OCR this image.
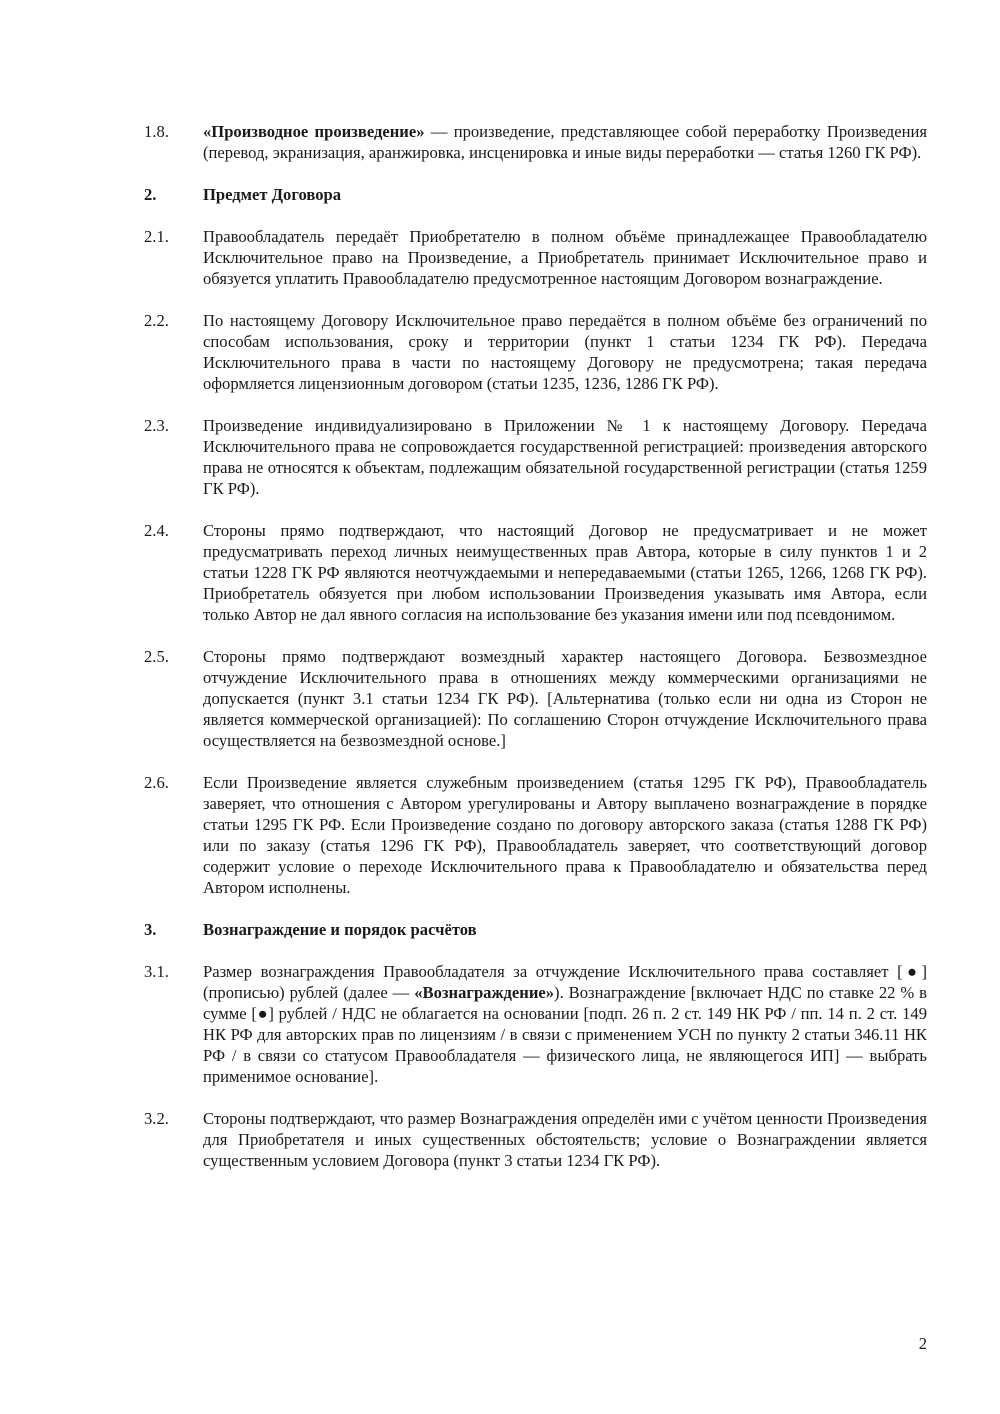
1.8.	«Производное произведение» — произведение, представляющее собой переработку Произведения (перевод, экранизация, аранжировка, инсценировка и иные виды переработки — статья 1260 ГК РФ).

2.	Предмет Договора

2.1.	Правообладатель передаёт Приобретателю в полном объёме принадлежащее Правообладателю Исключительное право на Произведение, а Приобретатель принимает Исключительное право и обязуется уплатить Правообладателю предусмотренное настоящим Договором вознаграждение.

2.2.	По настоящему Договору Исключительное право передаётся в полном объёме без ограничений по способам использования, сроку и территории (пункт 1 статьи 1234 ГК РФ). Передача Исключительного права в части по настоящему Договору не предусмотрена; такая передача оформляется лицензионным договором (статьи 1235, 1236, 1286 ГК РФ).

2.3.	Произведение индивидуализировано в Приложении № 1 к настоящему Договору. Передача Исключительного права не сопровождается государственной регистрацией: произведения авторского права не относятся к объектам, подлежащим обязательной государственной регистрации (статья 1259 ГК РФ).

2.4.	Стороны прямо подтверждают, что настоящий Договор не предусматривает и не может предусматривать переход личных неимущественных прав Автора, которые в силу пунктов 1 и 2 статьи 1228 ГК РФ являются неотчуждаемыми и непередаваемыми (статьи 1265, 1266, 1268 ГК РФ). Приобретатель обязуется при любом использовании Произведения указывать имя Автора, если только Автор не дал явного согласия на использование без указания имени или под псевдонимом.

2.5.	Стороны прямо подтверждают возмездный характер настоящего Договора. Безвозмездное отчуждение Исключительного права в отношениях между коммерческими организациями не допускается (пункт 3.1 статьи 1234 ГК РФ). [Альтернатива (только если ни одна из Сторон не является коммерческой организацией): По соглашению Сторон отчуждение Исключительного права осуществляется на безвозмездной основе.]

2.6.	Если Произведение является служебным произведением (статья 1295 ГК РФ), Правообладатель заверяет, что отношения с Автором урегулированы и Автору выплачено вознаграждение в порядке статьи 1295 ГК РФ. Если Произведение создано по договору авторского заказа (статья 1288 ГК РФ) или по заказу (статья 1296 ГК РФ), Правообладатель заверяет, что соответствующий договор содержит условие о переходе Исключительного права к Правообладателю и обязательства перед Автором исполнены.

3.	Вознаграждение и порядок расчётов

3.1.	Размер вознаграждения Правообладателя за отчуждение Исключительного права составляет [●] (прописью) рублей (далее — «Вознаграждение»). Вознаграждение [включает НДС по ставке 22 % в сумме [●] рублей / НДС не облагается на основании [подп. 26 п. 2 ст. 149 НК РФ / пп. 14 п. 2 ст. 149 НК РФ для авторских прав по лицензиям / в связи с применением УСН по пункту 2 статьи 346.11 НК РФ / в связи со статусом Правообладателя — физического лица, не являющегося ИП] — выбрать применимое основание].

3.2.	Стороны подтверждают, что размер Вознаграждения определён ими с учётом ценности Произведения для Приобретателя и иных существенных обстоятельств; условие о Вознаграждении является существенным условием Договора (пункт 3 статьи 1234 ГК РФ).

2
